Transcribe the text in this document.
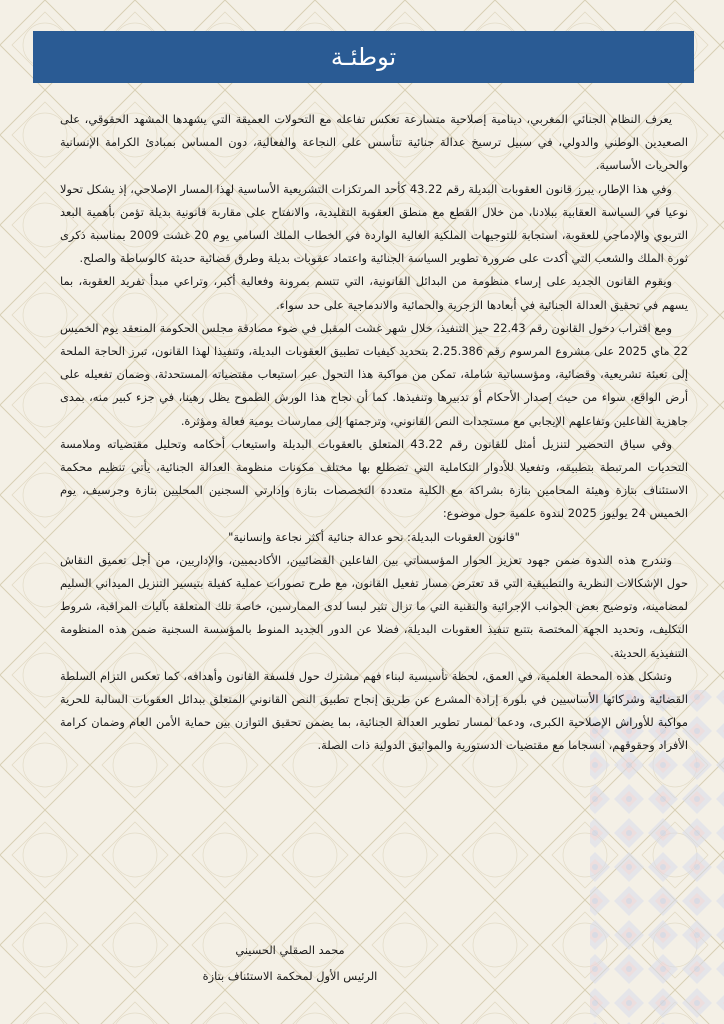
توطئـة

يعرف النظام الجنائي المغربي، دينامية إصلاحية متسارعة تعكس تفاعله مع التحولات العميقة التي يشهدها المشهد الحقوقي، على الصعيدين الوطني والدولي، في سبيل ترسيخ عدالة جنائية تتأسس على النجاعة والفعالية، دون المساس بمبادئ الكرامة الإنسانية والحريات الأساسية.

وفي هذا الإطار، يبرز قانون العقوبات البديلة رقم 43.22 كأحد المرتكزات التشريعية الأساسية لهذا المسار الإصلاحي، إذ يشكل تحولا نوعيا في السياسة العقابية ببلادنا، من خلال القطع مع منطق العقوبة التقليدية، والانفتاح على مقاربة قانونية بديلة تؤمن بأهمية البعد التربوي والإدماجي للعقوبة، استجابة للتوجيهات الملكية الغالية الواردة في الخطاب الملك السامي يوم 20 غشت 2009 بمناسبة ذكرى ثورة الملك والشعب التي أكدت على ضرورة تطوير السياسة الجنائية واعتماد عقوبات بديلة وطرق قضائية حديثة كالوساطة والصلح.

ويقوم القانون الجديد على إرساء منظومة من البدائل القانونية، التي تتسم بمرونة وفعالية أكبر، وتراعي مبدأ تفريد العقوبة، بما يسهم في تحقيق العدالة الجنائية في أبعادها الزجرية والحمائية والاندماجية على حد سواء.

ومع اقتراب دخول القانون رقم 22.43 حيز التنفيذ، خلال شهر غشت المقبل في ضوء مصادقة مجلس الحكومة المنعقد يوم الخميس 22 ماي 2025 على مشروع المرسوم رقم 2.25.386 بتحديد كيفيات تطبيق العقوبات البديلة، وتنفيذا لهذا القانون، تبرز الحاجة الملحة إلى تعبئة تشريعية، وقضائية، ومؤسساتية شاملة، تمكن من مواكبة هذا التحول عبر استيعاب مقتضياته المستحدثة، وضمان تفعيله على أرض الواقع، سواء من حيث إصدار الأحكام أو تدبيرها وتنفيذها. كما أن نجاح هذا الورش الطموح يظل رهينا، في جزء كبير منه، بمدى جاهزية الفاعلين وتفاعلهم الإيجابي مع مستجدات النص القانوني، وترجمتها إلى ممارسات يومية فعالة ومؤثرة.

وفي سياق التحضير لتنزيل أمثل للقانون رقم 43.22 المتعلق بالعقوبات البديلة واستيعاب أحكامه وتحليل مقتضياته وملامسة التحديات المرتبطة بتطبيقه، وتفعيلا للأدوار التكاملية التي تضطلع بها مختلف مكونات منظومة العدالة الجنائية، يأتي تنظيم محكمة الاستئناف بتازة وهيئة المحامين بتازة بشراكة مع الكلية متعددة التخصصات بتازة وإدارتي السجنين المحليين بتازة وجرسيف، يوم الخميس 24 يوليوز 2025 لندوة علمية حول موضوع:

"قانون العقوبات البديلة: نحو عدالة جنائية أكثر نجاعة وإنسانية"

وتندرج هذه الندوة ضمن جهود تعزيز الحوار المؤسساتي بين الفاعلين القضائيين، الأكاديميين، والإداريين، من أجل تعميق النقاش حول الإشكالات النظرية والتطبيقية التي قد تعترض مسار تفعيل القانون، مع طرح تصورات عملية كفيلة بتيسير التنزيل الميداني السليم لمضامينه، وتوضيح بعض الجوانب الإجرائية والتقنية التي ما تزال تثير لبسا لدى الممارسين، خاصة تلك المتعلقة بآليات المراقبة، شروط التكليف، وتحديد الجهة المختصة بتتبع تنفيذ العقوبات البديلة، فضلا عن الدور الجديد المنوط بالمؤسسة السجنية ضمن هذه المنظومة التنفيذية الحديثة.

وتشكل هذه المحطة العلمية، في العمق، لحظة تأسيسية لبناء فهم مشترك حول فلسفة القانون وأهدافه، كما تعكس التزام السلطة القضائية وشركائها الأساسيين في بلورة إرادة المشرع عن طريق إنجاح تطبيق النص القانوني المتعلق ببدائل العقوبات السالبة للحرية مواكبة للأوراش الإصلاحية الكبرى، ودعما لمسار تطوير العدالة الجنائية، بما يضمن تحقيق التوازن بين حماية الأمن العام وضمان كرامة الأفراد وحقوقهم، انسجاما مع مقتضيات الدستورية والمواثيق الدولية ذات الصلة.

محمد الصقلي الحسيني
الرئيس الأول لمحكمة الاستئناف بتازة
